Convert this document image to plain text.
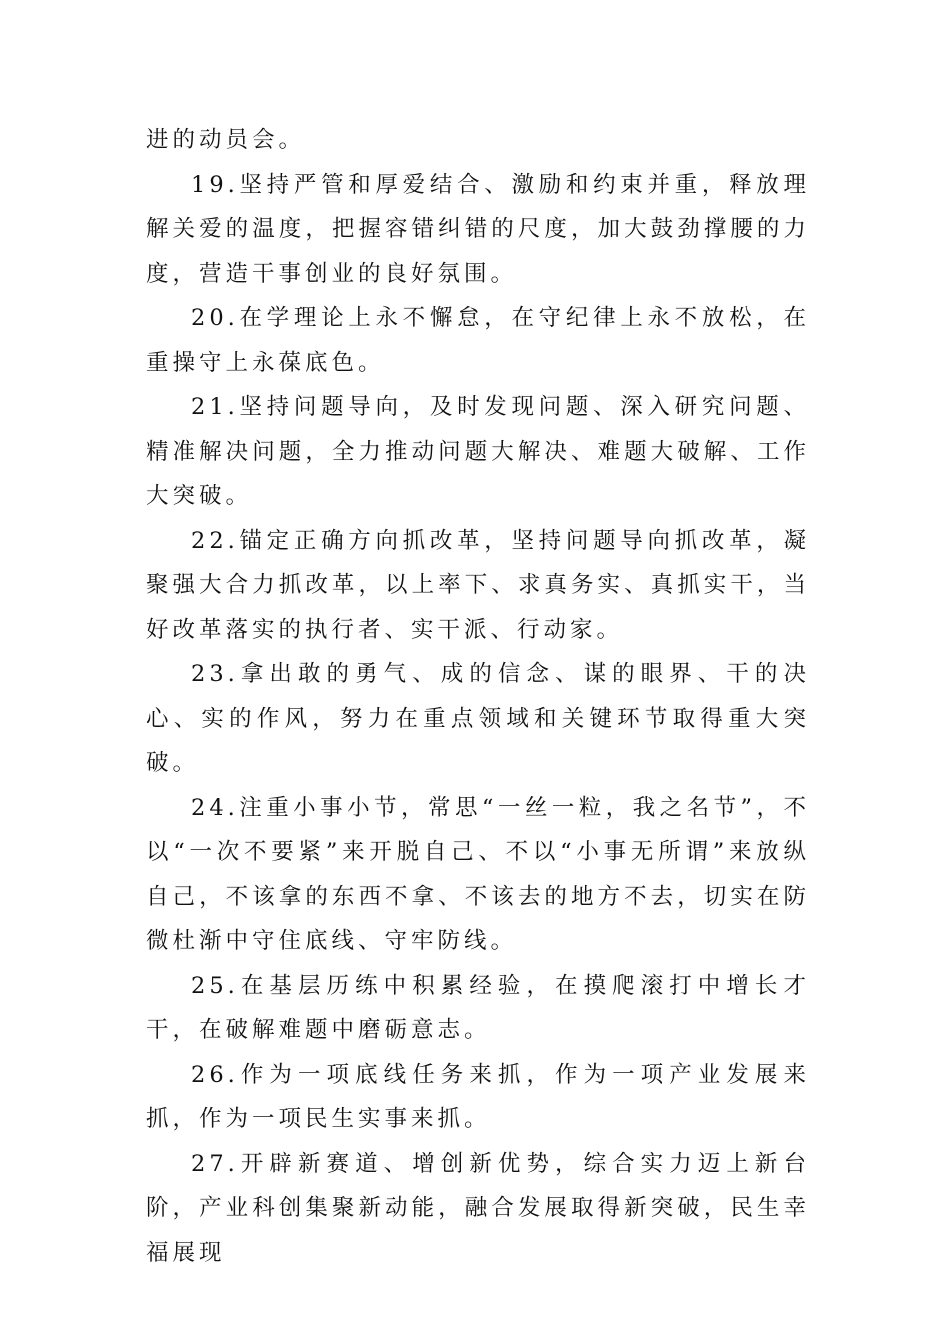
进的动员会。

19.坚持严管和厚爱结合、激励和约束并重，释放理解关爱的温度，把握容错纠错的尺度，加大鼓劲撑腰的力度，营造干事创业的良好氛围。

20.在学理论上永不懈怠，在守纪律上永不放松，在重操守上永葆底色。

21.坚持问题导向，及时发现问题、深入研究问题、精准解决问题，全力推动问题大解决、难题大破解、工作大突破。

22.锚定正确方向抓改革，坚持问题导向抓改革，凝聚强大合力抓改革，以上率下、求真务实、真抓实干，当好改革落实的执行者、实干派、行动家。

23.拿出敢的勇气、成的信念、谋的眼界、干的决心、实的作风，努力在重点领域和关键环节取得重大突破。

24.注重小事小节，常思“一丝一粒，我之名节”，不以“一次不要紧”来开脱自己、不以“小事无所谓”来放纵自己，不该拿的东西不拿、不该去的地方不去，切实在防微杜渐中守住底线、守牢防线。

25.在基层历练中积累经验，在摸爬滚打中增长才干，在破解难题中磨砺意志。

26.作为一项底线任务来抓，作为一项产业发展来抓，作为一项民生实事来抓。

27.开辟新赛道、增创新优势，综合实力迈上新台阶，产业科创集聚新动能，融合发展取得新突破，民生幸福展现
